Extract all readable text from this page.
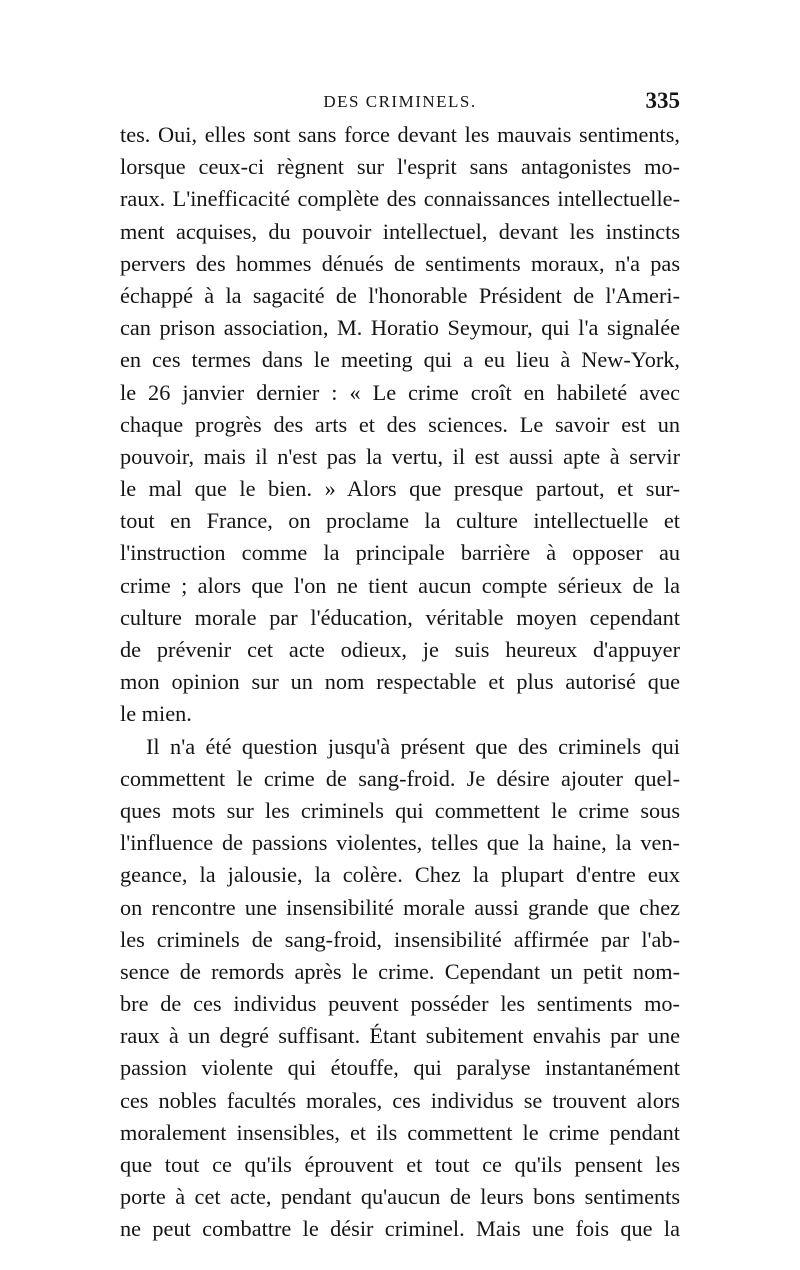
DES CRIMINELS.	335
tes. Oui, elles sont sans force devant les mauvais sentiments,
lorsque ceux-ci règnent sur l'esprit sans antagonistes mo-
raux. L'inefficacité complète des connaissances intellectuelle-
ment acquises, du pouvoir intellectuel, devant les instincts
pervers des hommes dénués de sentiments moraux, n'a pas
échappé à la sagacité de l'honorable Président de l'Ameri-
can prison association, M. Horatio Seymour, qui l'a signalée
en ces termes dans le meeting qui a eu lieu à New-York,
le 26 janvier dernier : « Le crime croît en habileté avec
chaque progrès des arts et des sciences. Le savoir est un
pouvoir, mais il n'est pas la vertu, il est aussi apte à servir
le mal que le bien. » Alors que presque partout, et sur-
tout en France, on proclame la culture intellectuelle et
l'instruction comme la principale barrière à opposer au
crime ; alors que l'on ne tient aucun compte sérieux de la
culture morale par l'éducation, véritable moyen cependant
de prévenir cet acte odieux, je suis heureux d'appuyer
mon opinion sur un nom respectable et plus autorisé que
le mien.
Il n'a été question jusqu'à présent que des criminels qui
commettent le crime de sang-froid. Je désire ajouter quel-
ques mots sur les criminels qui commettent le crime sous
l'influence de passions violentes, telles que la haine, la ven-
geance, la jalousie, la colère. Chez la plupart d'entre eux
on rencontre une insensibilité morale aussi grande que chez
les criminels de sang-froid, insensibilité affirmée par l'ab-
sence de remords après le crime. Cependant un petit nom-
bre de ces individus peuvent posséder les sentiments mo-
raux à un degré suffisant. Étant subitement envahis par une
passion violente qui étouffe, qui paralyse instantanément
ces nobles facultés morales, ces individus se trouvent alors
moralement insensibles, et ils commettent le crime pendant
que tout ce qu'ils éprouvent et tout ce qu'ils pensent les
porte à cet acte, pendant qu'aucun de leurs bons sentiments
ne peut combattre le désir criminel. Mais une fois que la
